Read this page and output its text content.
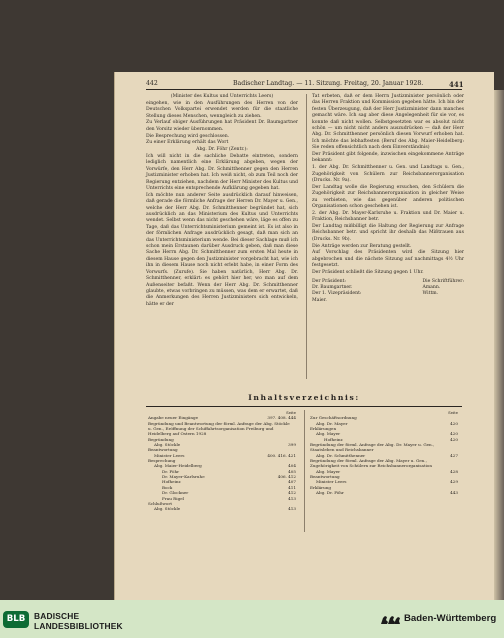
442	Badischer Landtag. — 11. Sitzung. Freitag, 20. Januar 1928.	441

(Minister des Kultus und Unterrichts Leers)

eingehen, wie in den Ausführungen des Herren von der Deutschen Volkspartei erwendet werden für die staatliche Stellung dieses Menschen, wenngleich zu ziehen.

Zu Verlauf obiger Ausführungen hat Präsident Dr. Baumgartner den Vorsitz wieder übernommen.

Die Besprechung wird geschlossen.

Zu einer Erklärung erhält das Wort

Abg. Dr. Föhr (Zentr.):

Ich will nicht in die sachliche Debatte eintreten, sondern lediglich namentlich eine Erklärung abgeben, wegen der Vorwürfe, den Herr Abg. Dr. Schmitthenner gegen den Herren Justizminister erhoben hat. Ich weiß nicht, ob zum Teil noch der Regierung entziehen, nachdem der Herr Minister des Kultus und Unterrichts eine entsprechende Aufklärung gegeben hat.

Ich möchte nun anderer Seite ausdrücklich darauf hinweisen, daß gerade die förmliche Anfrage der Herren Dr. Mayer u. Gen., welche der Herr Abg. Dr. Schmitthenner begründet hat, sich ausdrücklich an das Ministerium des Kultus und Unterrichts wendet. Selbst wenn das nicht geschehen wäre, läge es offen zu Tage, daß das Unterrichtsministerium gemeint ist. Es ist also in der förmlichen Anfrage ausdrücklich gesagt, daß man sich an das Unterrichtsministerium wende. Bei dieser Sachlage muß ich schon mein Erstaunen darüber Ausdruck geben, daß man diese Sache Herrn Abg. Dr. Schmitthenner zum ersten Mal heute in diesem Hause gegen den Justizminister vorgebracht hat, wie ich ihn in diesem Hause noch nicht erlebt habe, in einer Form des Vorwurfs. (Zurufe). Sie haben natürlich, Herr Abg. Dr. Schmitthenner, erklärt: es gehört hier her, wo man auf dem Außenseiter befaßt. Wenn der Herr Abg. Dr. Schmitthenner glaubte, etwas vorbringen zu müssen, was dem er erwartet, daß die Anmerkungen des Herren Justizministers sich entwickeln, hätte er der

Tat erbeten, daß er dem Herrn Justizminister persönlich oder das Herren Fraktion und Kommission gegeben hätte. Ich bin der festen Überzeugung, daß der Herr Justizminister dann manches gemacht wäre. Ich sag aber diese Angelegenheit für sie vor, es konnte daß nicht wollen. Selbstgesetzten war es absolut nicht schön — um nicht nicht anders auszudrücken — daß der Herr Abg. Dr. Schmitthenner persönlich diesen Vorwurf erhoben hat. Ich möchte das lebhaftesten (Beruf des Abg. Maier-Heidelberg: Sie reden offensichtlich nach dem Einverständnis)

Der Präsident gibt folgende, inzwischen eingekommene Anträge bekannt:

1. der Abg. Dr. Schmitthenner u. Gen. und Landtags u. Gen., Zugehörigkeit von Schülern zur Reichsbannerorganisation (Drucks. Nr. 9a).

Der Landtag wolle die Regierung ersuchen, den Schülern die Zugehörigkeit zur Reichsbannerorganisation in gleicher Weise zu verbieten, wie das gegenüber anderen politischen Organisationen schon geschehen ist.

2. der Abg. Dr. Mayer-Karlsruhe u. Fraktion und Dr. Maier u. Fraktion, Reichsbanner betr.

Der Landtag mißbilligt die Haltung der Regierung zur Anfrage Reichsbanner betr. und spricht ihr deshalb das Mißtrauen aus (Drucks. Nr. 9b).

Die Anträge werden zur Beratung gestellt.

Auf Vorschlag des Präsidenten wird die Sitzung hier abgebrochen und die nächste Sitzung auf nachmittags 4½ Uhr festgesetzt.

Der Präsident schließt die Sitzung gegen 1 Uhr.

Der Präsident:
Dr. Baumgartner.
Der 1. Vizepräsident:
Maier.
Die Schriftführer:
Amann.
Wittm.
Inhaltsverzeichnis:
Seite
Angabe neuer Eingänge	397. 408. 444
Begründung und Beantwortung der förml. Anfrage der Abg. Stöckle u. Gen., Eröffnung der Schiffahrtsorganisation Freiburg und Heidelberg auf Ostern 1928
Begründung
Abg. Stöckle	399
Beantwortung
Minister Leers	400. 416. 421
Besprechung
Abg. Maier-Heidelberg	404
Dr. Föhr	405
Dr. Mayer-Karlsruhe	406. 412
Hofheinz	407
Bock	411
Dr. Glockner	412
Frau Rigel	413
Schlußwort
Abg. Stöckle	413
Seite
Zur Geschäftsordnung
Abg. Dr. Mayer	420
Erklärungen
Abg. Mayer	420
Hofheinz	420
Begründung der förml. Anfrage der Abg. Dr. Mayer u. Gen., Staatsleben und Reichsbanner
Abg. Dr. Schmitthenner	427
Begründung der förml. Anfrage der Abg. Mayer u. Gen., Zugehörigkeit von Schülern zur Reichsbannerorganisation
Abg. Mayer	428
Beantwortung
Minister Leers	429
Erklärung
Abg. Dr. Föhr	443
BLB	BADISCHE
LANDESBIBLIOTHEK
Baden-Württemberg
